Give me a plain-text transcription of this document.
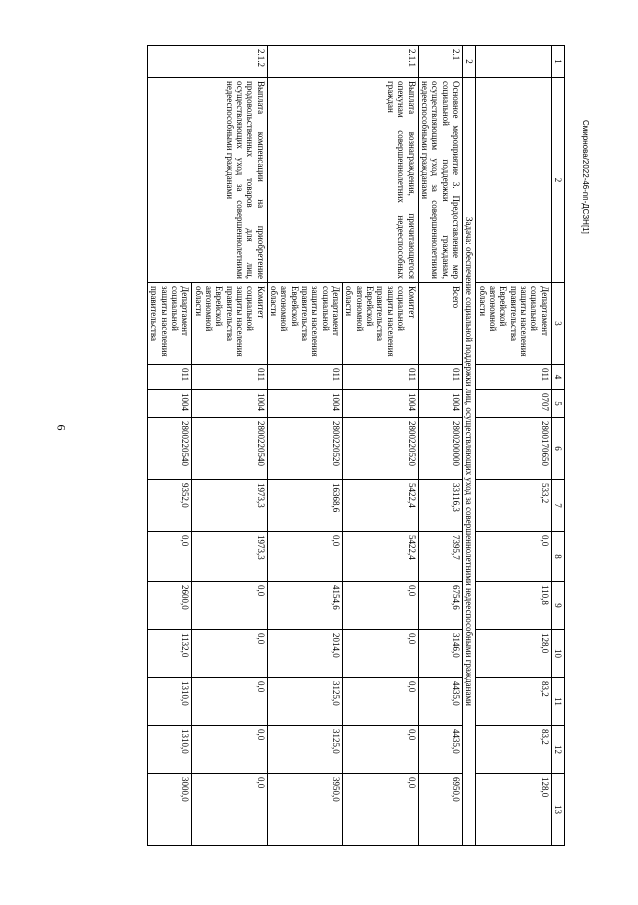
6
Смирнова/2022-46-пп-ДСЗН[1]
1	2	3	4	5	6	7	8	9	10	11	12	13
		Департамент социальной защиты населения правительства Еврейской автономной области	011	0707	2800170650	533,2	0,0	110,8	128,0	83,2	83,2	128,0
2	Задача: обеспечение социальной поддержки лиц, осуществляющих уход за совершеннолетними недееспособными гражданами											
2.1	Основное мероприятие 3. Предоставление мер социальной поддержки гражданам, осуществляющим уход за совершеннолетними недееспособными гражданами	Всего	011	1004	2800200000	33116,3	7395,7	6754,6	3146,0	4435,0	4435,0	6950,0
2.1.1	Выплата вознаграждения, причитающегося опекунам совершеннолетних недееспособных граждан	Комитет социальной защиты населения правительства Еврейской автономной области	011	1004	2800220520	5422,4	5422,4	0,0	0,0	0,0	0,0	0,0
		Департамент социальной защиты населения правительства Еврейской автономной области	011	1004	2800220520	16368,6	0,0	4154,6	2014,0	3125,0	3125,0	3950,0
2.1.2	Выплата компенсации на приобретение продовольственных товаров для лиц, осуществляющих уход за совершеннолетними недееспособными гражданами	Комитет социальной защиты населения правительства Еврейской автономной области	011	1004	2800220540	1973,3	1973,3	0,0	0,0	0,0	0,0	0,0
		Департамент социальной защиты населения правительства	011	1004	2800220540	9352,0	0,0	2600,0	1132,0	1310,0	1310,0	3000,0
